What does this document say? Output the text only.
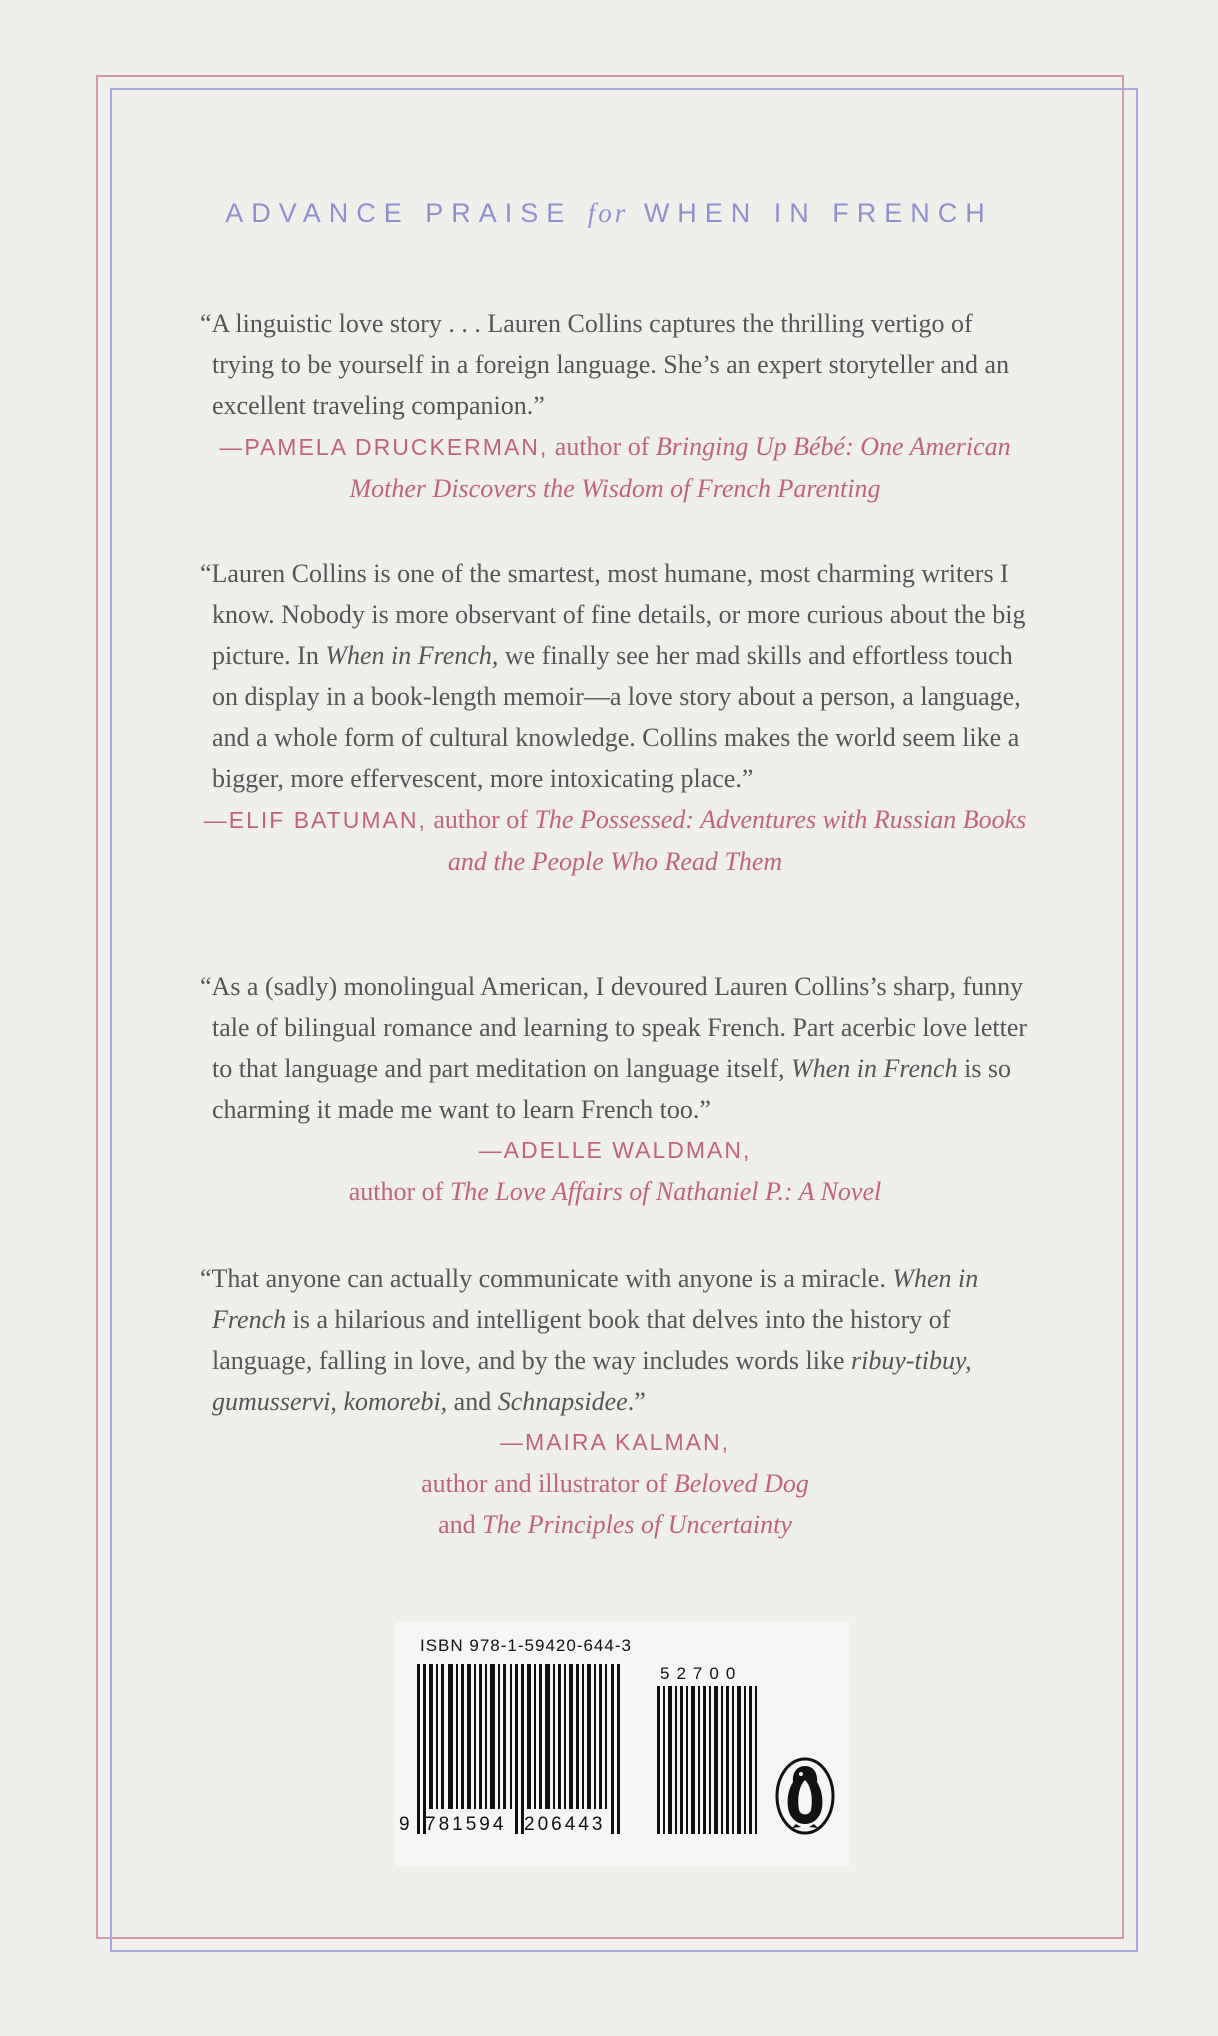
ADVANCE PRAISE for WHEN IN FRENCH

“A linguistic love story . . . Lauren Collins captures the thrilling vertigo of trying to be yourself in a foreign language. She’s an expert storyteller and an excellent traveling companion.”

—PAMELA DRUCKERMAN, author of Bringing Up Bébé: One American Mother Discovers the Wisdom of French Parenting

“Lauren Collins is one of the smartest, most humane, most charming writers I know. Nobody is more observant of fine details, or more curious about the big picture. In When in French, we finally see her mad skills and effortless touch on display in a book-length memoir—a love story about a person, a language, and a whole form of cultural knowledge. Collins makes the world seem like a bigger, more effervescent, more intoxicating place.”

—ELIF BATUMAN, author of The Possessed: Adventures with Russian Books and the People Who Read Them

“As a (sadly) monolingual American, I devoured Lauren Collins’s sharp, funny tale of bilingual romance and learning to speak French. Part acerbic love letter to that language and part meditation on language itself, When in French is so charming it made me want to learn French too.”

—ADELLE WALDMAN,
author of The Love Affairs of Nathaniel P.: A Novel

“That anyone can actually communicate with anyone is a miracle. When in French is a hilarious and intelligent book that delves into the history of language, falling in love, and by the way includes words like ribuy-tibuy, gumusservi, komorebi, and Schnapsidee.”

—MAIRA KALMAN,
author and illustrator of Beloved Dog
and The Principles of Uncertainty
ISBN 978-1-59420-644-3
52700
9 781594 206443
